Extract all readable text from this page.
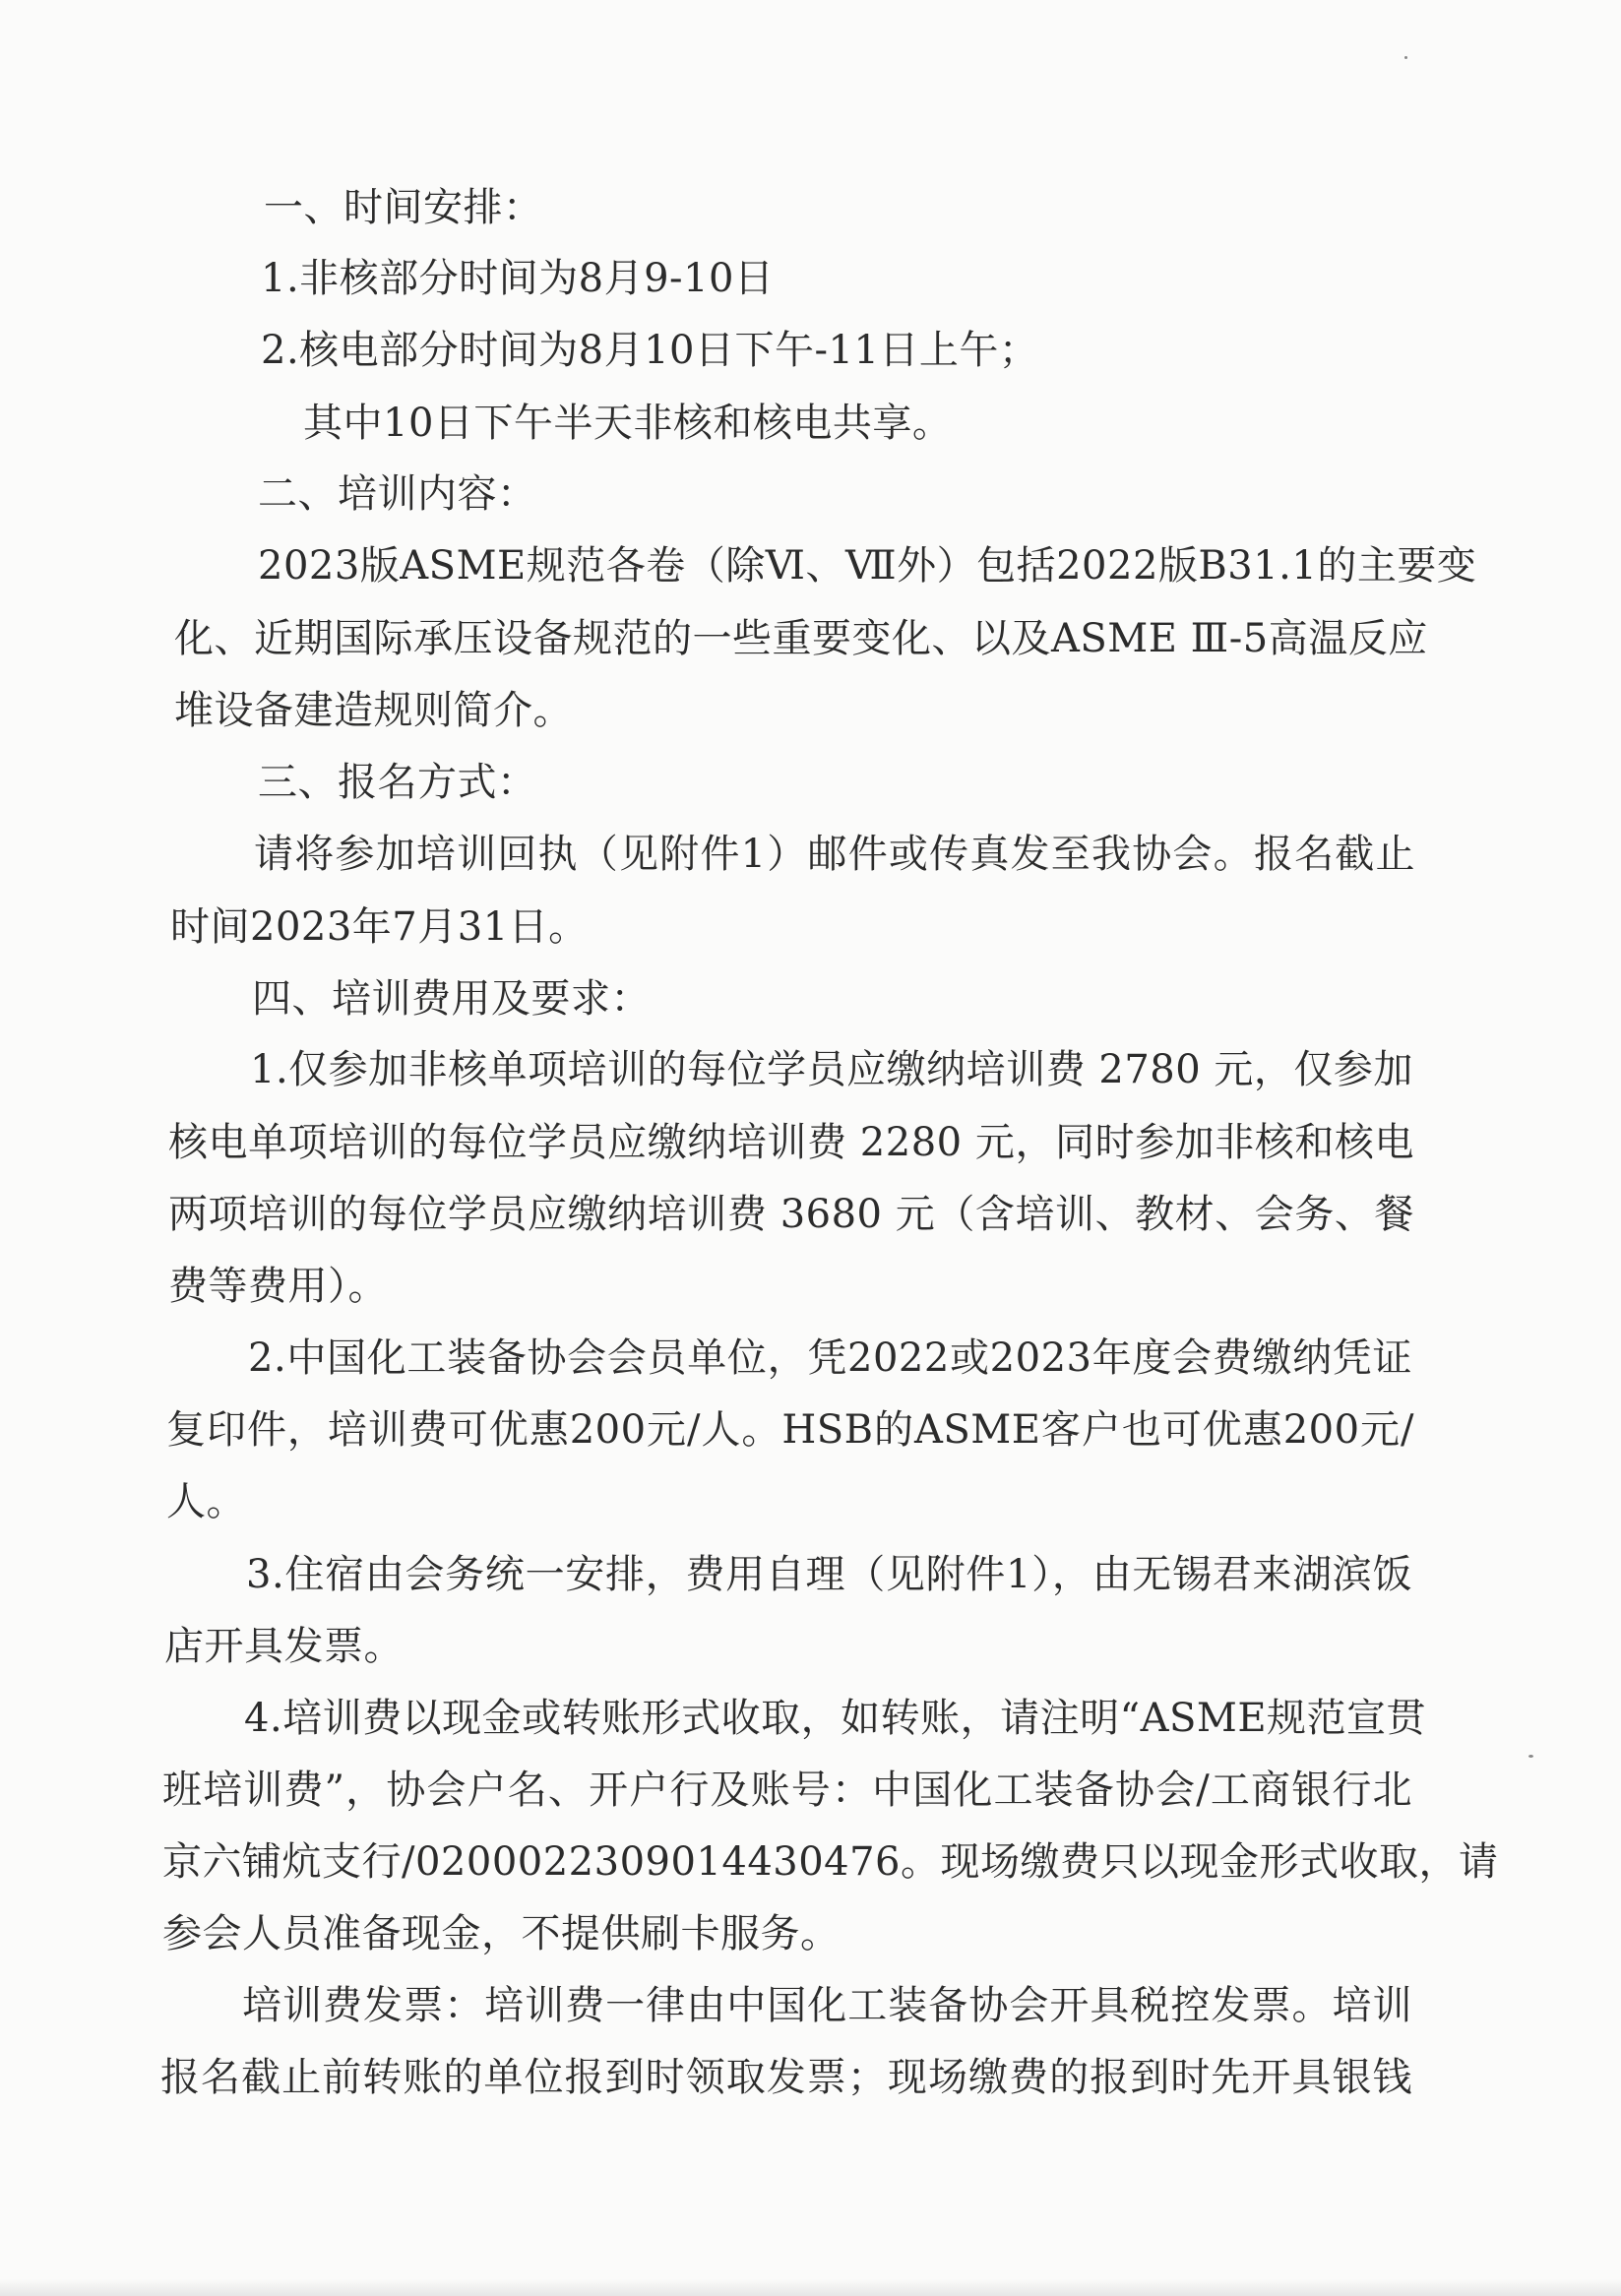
一、时间安排：
1.非核部分时间为8月9-10日
2.核电部分时间为8月10日下午-11日上午；
其中10日下午半天非核和核电共享。
二、培训内容：
2023版ASME规范各卷（除Ⅵ、Ⅶ外）包括2022版B31.1的主要变
化、近期国际承压设备规范的一些重要变化、以及ASME Ⅲ-5高温反应
堆设备建造规则简介。
三、报名方式：
请将参加培训回执（见附件1）邮件或传真发至我协会。报名截止
时间2023年7月31日。
四、培训费用及要求：
1.仅参加非核单项培训的每位学员应缴纳培训费 2780 元，仅参加
核电单项培训的每位学员应缴纳培训费 2280 元，同时参加非核和核电
两项培训的每位学员应缴纳培训费 3680 元（含培训、教材、会务、餐
费等费用）。
2.中国化工装备协会会员单位，凭2022或2023年度会费缴纳凭证
复印件，培训费可优惠200元/人。HSB的ASME客户也可优惠200元/
人。
3.住宿由会务统一安排，费用自理（见附件1），由无锡君来湖滨饭
店开具发票。
4.培训费以现金或转账形式收取，如转账，请注明“ASME规范宣贯
班培训费”，协会户名、开户行及账号：中国化工装备协会/工商银行北
京六铺炕支行/0200022309014430476。现场缴费只以现金形式收取，请
参会人员准备现金，不提供刷卡服务。
培训费发票：培训费一律由中国化工装备协会开具税控发票。培训
报名截止前转账的单位报到时领取发票；现场缴费的报到时先开具银钱
